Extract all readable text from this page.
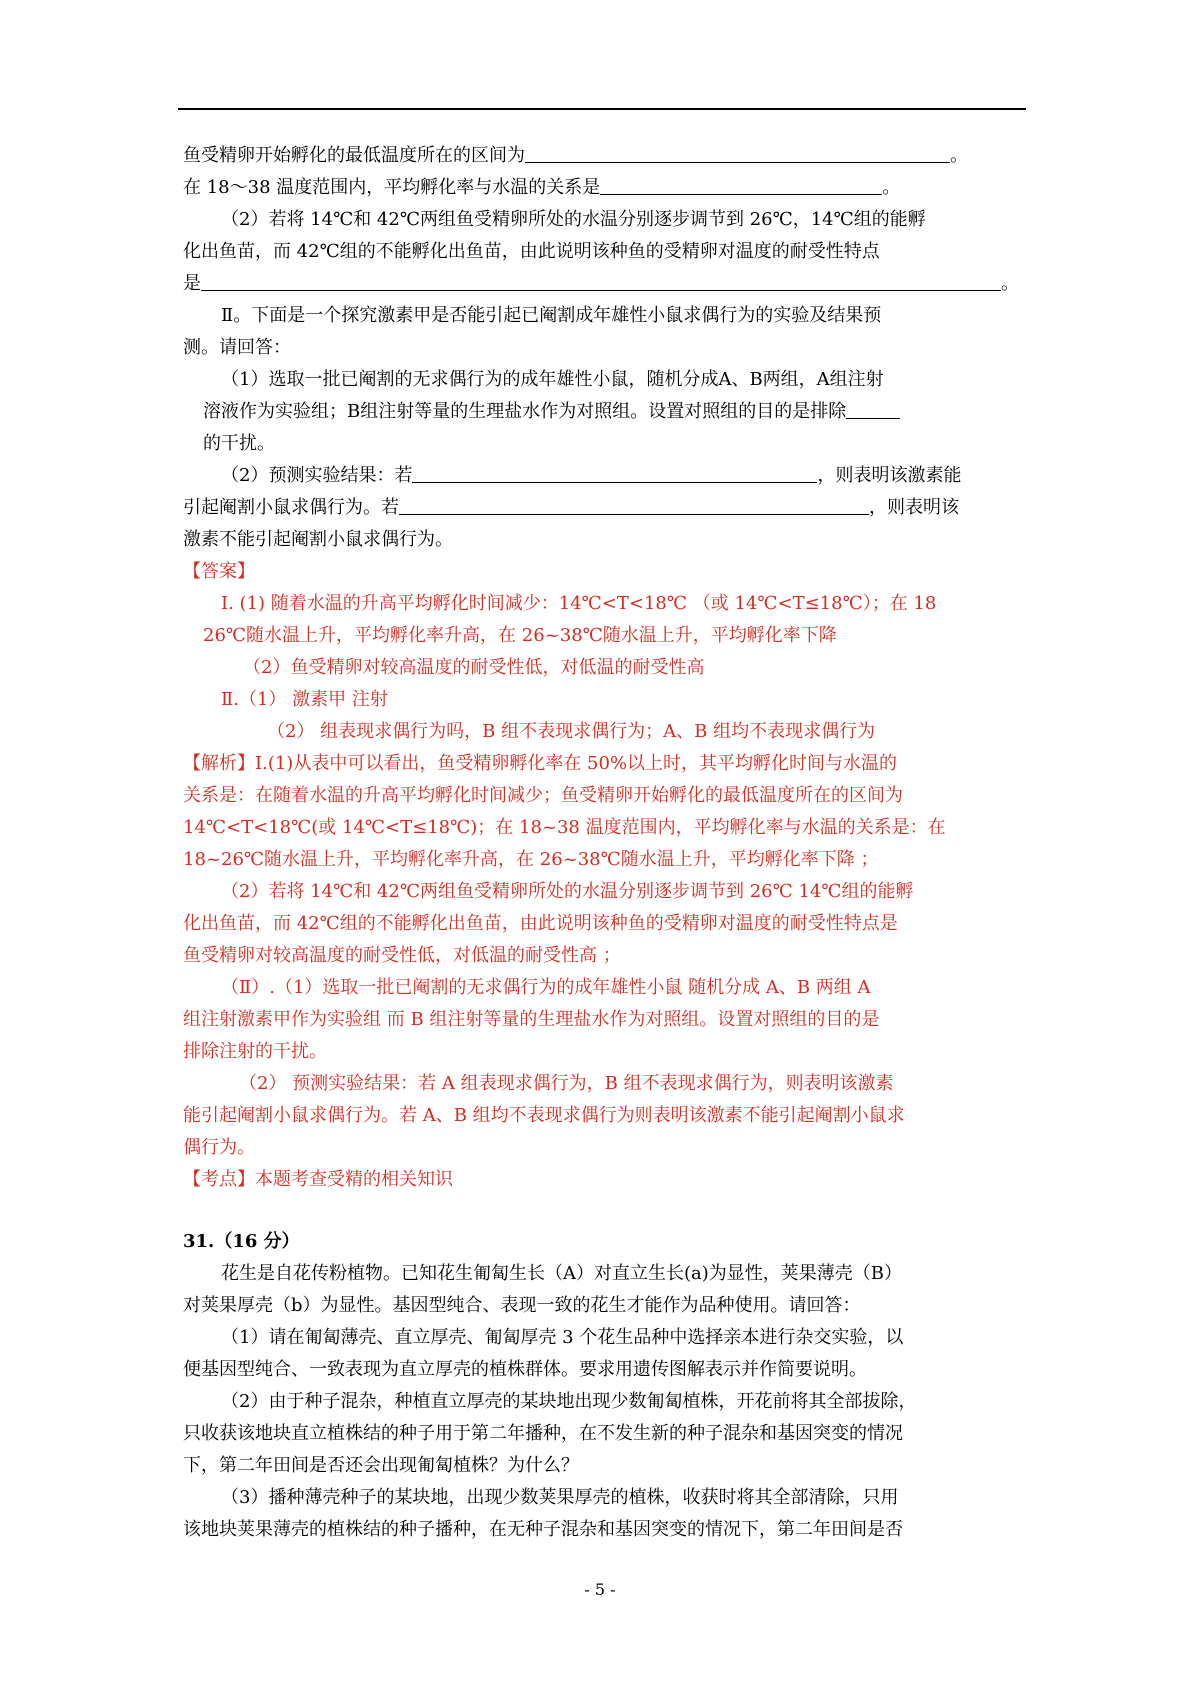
鱼受精卵开始孵化的最低温度所在的区间为	。
在 18～38 温度范围内，平均孵化率与水温的关系是	。
（2）若将 14℃和 42℃两组鱼受精卵所处的水温分别逐步调节到 26℃，14℃组的能孵
化出鱼苗，而 42℃组的不能孵化出鱼苗，由此说明该种鱼的受精卵对温度的耐受性特点
是	。
Ⅱ。下面是一个探究激素甲是否能引起已阉割成年雄性小鼠求偶行为的实验及结果预
测。请回答：
（1）选取一批已阉割的无求偶行为的成年雄性小鼠，随机分成A、B两组，A组注射
溶液作为实验组；B组注射等量的生理盐水作为对照组。设置对照组的目的是排除
的干扰。
（2）预测实验结果：若	，则表明该激素能
引起阉割小鼠求偶行为。若	，则表明该
激素不能引起阉割小鼠求偶行为。
【答案】
I. (1) 随着水温的升高平均孵化时间减少：14℃<T<18℃ （或 14℃<T≤18℃）；在 18
26℃随水温上升，平均孵化率升高，在 26~38℃随水温上升，平均孵化率下降
（2）鱼受精卵对较高温度的耐受性低，对低温的耐受性高
Ⅱ.（1） 激素甲 注射
（2） 组表现求偶行为吗，B 组不表现求偶行为；A、B 组均不表现求偶行为
【解析】Ⅰ.(1)从表中可以看出，鱼受精卵孵化率在 50%以上时，其平均孵化时间与水温的
关系是：在随着水温的升高平均孵化时间减少；鱼受精卵开始孵化的最低温度所在的区间为
14℃<T<18℃(或 14℃<T≤18℃)；在 18~38 温度范围内，平均孵化率与水温的关系是：在
18~26℃随水温上升，平均孵化率升高，在 26~38℃随水温上升，平均孵化率下降 ；
（2）若将 14℃和 42℃两组鱼受精卵所处的水温分别逐步调节到 26℃ 14℃组的能孵
化出鱼苗，而 42℃组的不能孵化出鱼苗，由此说明该种鱼的受精卵对温度的耐受性特点是
鱼受精卵对较高温度的耐受性低，对低温的耐受性高 ；
（Ⅱ）.（1）选取一批已阉割的无求偶行为的成年雄性小鼠 随机分成 A、B 两组 A
组注射激素甲作为实验组 而 B 组注射等量的生理盐水作为对照组。设置对照组的目的是
排除注射的干扰。
（2） 预测实验结果：若 A 组表现求偶行为，B 组不表现求偶行为，则表明该激素
能引起阉割小鼠求偶行为。若 A、B 组均不表现求偶行为则表明该激素不能引起阉割小鼠求
偶行为。
【考点】本题考查受精的相关知识
31.（16 分）
花生是自花传粉植物。已知花生匍匐生长（A）对直立生长(a)为显性，荚果薄壳（B）
对荚果厚壳（b）为显性。基因型纯合、表现一致的花生才能作为品种使用。请回答：
（1）请在匍匐薄壳、直立厚壳、匍匐厚壳 3 个花生品种中选择亲本进行杂交实验，以
便基因型纯合、一致表现为直立厚壳的植株群体。要求用遗传图解表示并作简要说明。
（2）由于种子混杂，种植直立厚壳的某块地出现少数匍匐植株，开花前将其全部拔除，
只收获该地块直立植株结的种子用于第二年播种，在不发生新的种子混杂和基因突变的情况
下，第二年田间是否还会出现匍匐植株？为什么？
（3）播种薄壳种子的某块地，出现少数荚果厚壳的植株，收获时将其全部清除，只用
该地块荚果薄壳的植株结的种子播种，在无种子混杂和基因突变的情况下，第二年田间是否
- 5 -
